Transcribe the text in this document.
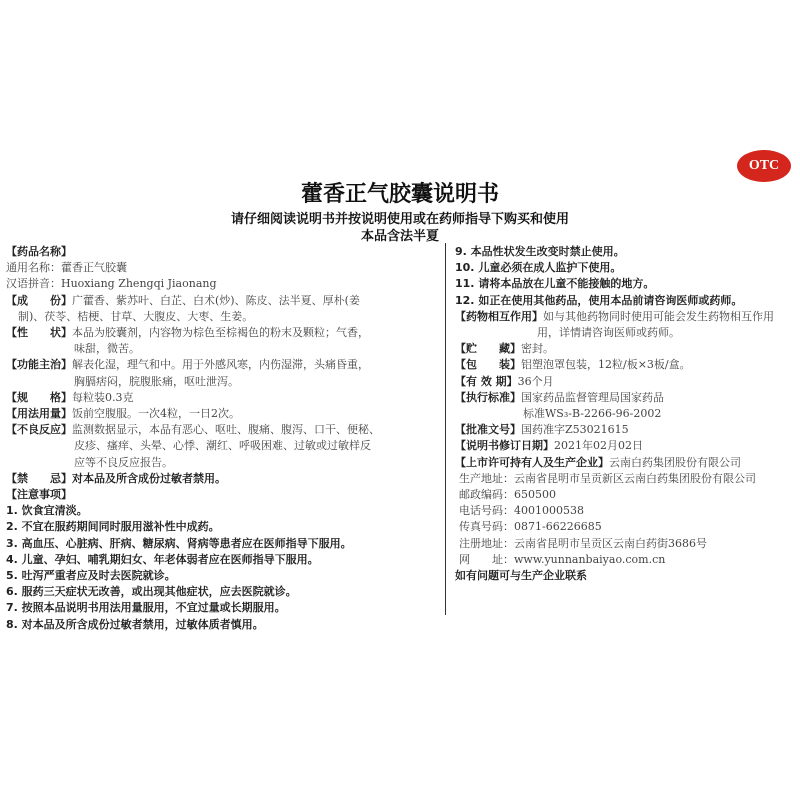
OTC
藿香正气胶囊说明书
请仔细阅读说明书并按说明使用或在药师指导下购买和使用
本品含法半夏
【药品名称】
通用名称：藿香正气胶囊
汉语拼音：Huoxiang Zhengqi Jiaonang
【成　　份】 广藿香、紫苏叶、白芷、白术(炒)、陈皮、法半夏、厚朴(姜
制)、茯苓、桔梗、甘草、大腹皮、大枣、生姜。
【性　　状】 本品为胶囊剂，内容物为棕色至棕褐色的粉末及颗粒；气香，
味甜，微苦。
【功能主治】 解表化湿，理气和中。用于外感风寒，内伤湿滞，头痛昏重，
胸膈痞闷，脘腹胀痛，呕吐泄泻。
【规　　格】 每粒装0.3克
【用法用量】 饭前空腹服。一次4粒，一日2次。
【不良反应】 监测数据显示，本品有恶心、呕吐、腹痛、腹泻、口干、便秘、
皮疹、瘙痒、头晕、心悸、潮红、呼吸困难、过敏或过敏样反
应等不良反应报告。
【禁　　忌】 对本品及所含成份过敏者禁用。
【注意事项】
1. 饮食宜清淡。
2. 不宜在服药期间同时服用滋补性中成药。
3. 高血压、心脏病、肝病、糖尿病、肾病等患者应在医师指导下服用。
4. 儿童、孕妇、哺乳期妇女、年老体弱者应在医师指导下服用。
5. 吐泻严重者应及时去医院就诊。
6. 服药三天症状无改善，或出现其他症状，应去医院就诊。
7. 按照本品说明书用法用量服用，不宜过量或长期服用。
8. 对本品及所含成份过敏者禁用，过敏体质者慎用。
9. 本品性状发生改变时禁止使用。
10. 儿童必须在成人监护下使用。
11. 请将本品放在儿童不能接触的地方。
12. 如正在使用其他药品，使用本品前请咨询医师或药师。
【药物相互作用】 如与其他药物同时使用可能会发生药物相互作用
用，详情请咨询医师或药师。
【贮　　藏】 密封。
【包　　装】 铝塑泡罩包装，12粒/板×3板/盒。
【有 效 期】 36个月
【执行标准】 国家药品监督管理局国家药品
标准WS₃-B-2266-96-2002
【批准文号】 国药准字Z53021615
【说明书修订日期】 2021年02月02日
【上市许可持有人及生产企业】 云南白药集团股份有限公司
生产地址： 云南省昆明市呈贡新区云南白药集团股份有限公司
邮政编码： 650500
电话号码： 4001000538
传真号码： 0871-66226685
注册地址： 云南省昆明市呈贡区云南白药街3686号
网　　址： www.yunnanbaiyao.com.cn
如有问题可与生产企业联系
